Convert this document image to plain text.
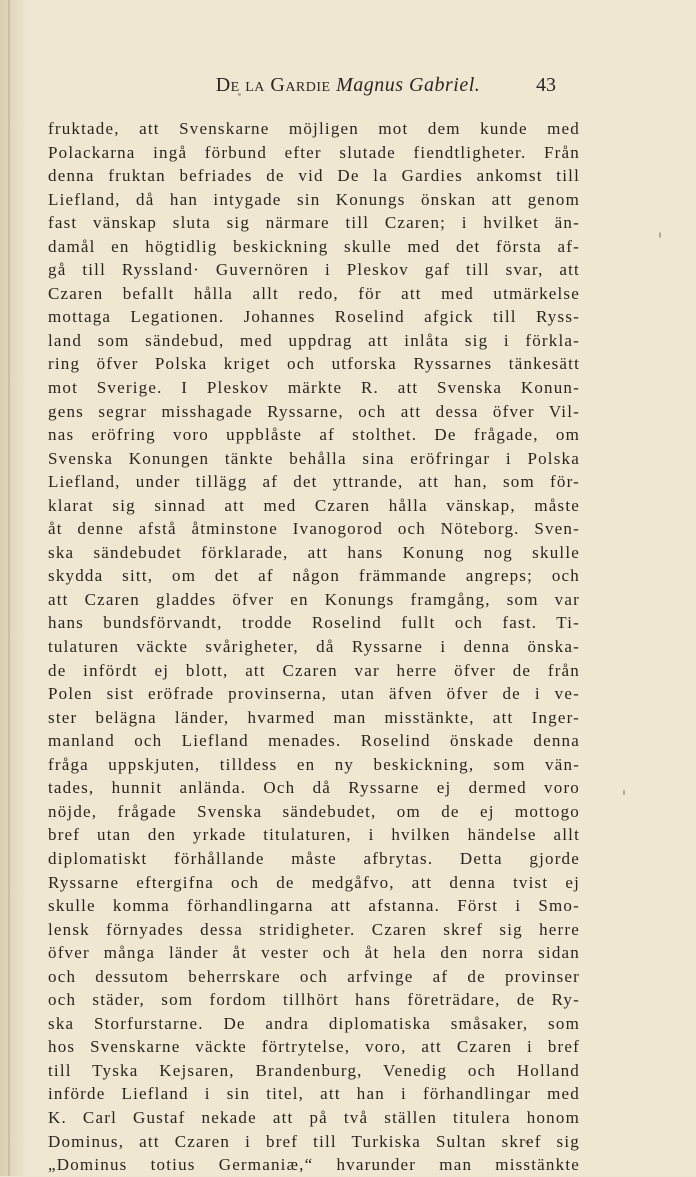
De la Gardie Magnus Gabriel.	43
fruktade, att Svenskarne möjligen mot dem kunde med
Polackarna ingå förbund efter slutade fiendtligheter. Från
denna fruktan befriades de vid De la Gardies ankomst till
Liefland, då han intygade sin Konungs önskan att genom
fast vänskap sluta sig närmare till Czaren; i hvilket än-
damål en högtidlig beskickning skulle med det första af-
gå till Ryssland· Guvernören i Pleskov gaf till svar, att
Czaren befallt hålla allt redo, för att med utmärkelse
mottaga Legationen. Johannes Roselind afgick till Ryss-
land som sändebud, med uppdrag att inlåta sig i förkla-
ring öfver Polska kriget och utforska Ryssarnes tänkesätt
mot Sverige. I Pleskov märkte R. att Svenska Konun-
gens segrar misshagade Ryssarne, och att dessa öfver Vil-
nas eröfring voro uppblåste af stolthet. De frågade, om
Svenska Konungen tänkte behålla sina eröfringar i Polska
Liefland, under tillägg af det yttrande, att han, som för-
klarat sig sinnad att med Czaren hålla vänskap, måste
åt denne afstå åtminstone Ivanogorod och Nöteborg. Sven-
ska sändebudet förklarade, att hans Konung nog skulle
skydda sitt, om det af någon främmande angreps; och
att Czaren gladdes öfver en Konungs framgång, som var
hans bundsförvandt, trodde Roselind fullt och fast. Ti-
tulaturen väckte svårigheter, då Ryssarne i denna önska-
de infördt ej blott, att Czaren var herre öfver de från
Polen sist eröfrade provinserna, utan äfven öfver de i ve-
ster belägna länder, hvarmed man misstänkte, att Inger-
manland och Liefland menades. Roselind önskade denna
fråga uppskjuten, tilldess en ny beskickning, som vän-
tades, hunnit anlända. Och då Ryssarne ej dermed voro
nöjde, frågade Svenska sändebudet, om de ej mottogo
bref utan den yrkade titulaturen, i hvilken händelse allt
diplomatiskt förhållande måste afbrytas. Detta gjorde
Ryssarne eftergifna och de medgåfvo, att denna tvist ej
skulle komma förhandlingarna att afstanna. Först i Smo-
lensk förnyades dessa stridigheter. Czaren skref sig herre
öfver många länder åt vester och åt hela den norra sidan
och dessutom beherrskare och arfvinge af de provinser
och städer, som fordom tillhört hans företrädare, de Ry-
ska Storfurstarne. De andra diplomatiska småsaker, som
hos Svenskarne väckte förtrytelse, voro, att Czaren i bref
till Tyska Kejsaren, Brandenburg, Venedig och Holland
införde Liefland i sin titel, att han i förhandlingar med
K. Carl Gustaf nekade att på två ställen titulera honom
Dominus, att Czaren i bref till Turkiska Sultan skref sig
„Dominus totius Germaniæ,“ hvarunder man misstänkte
